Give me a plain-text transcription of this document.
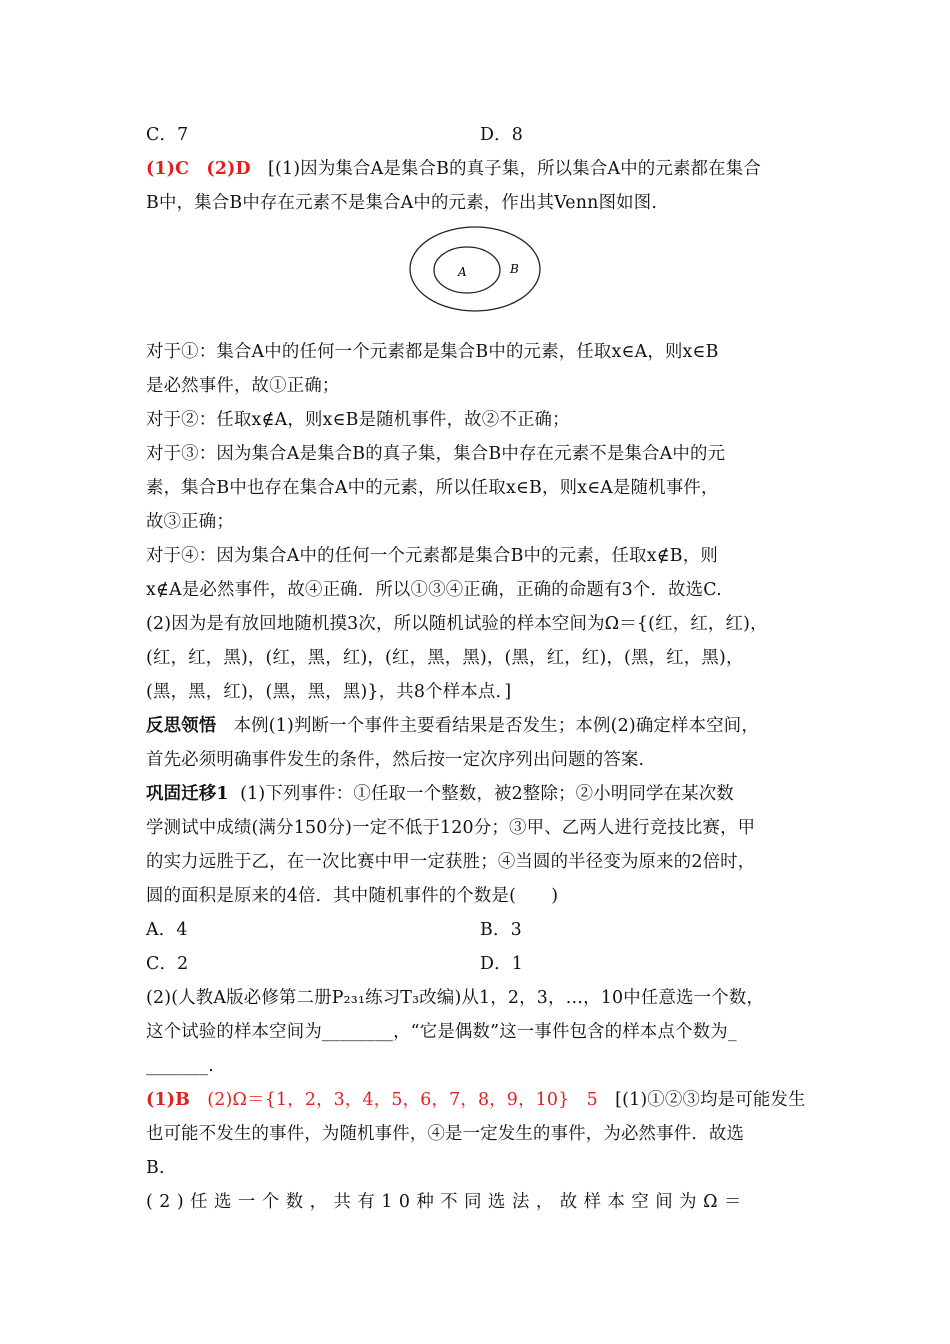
C．7	D．8
(1)C (2)D [(1)因为集合A是集合B的真子集，所以集合A中的元素都在集合
B中，集合B中存在元素不是集合A中的元素，作出其Venn图如图.
A	B
对于①：集合A中的任何一个元素都是集合B中的元素，任取x∈A，则x∈B
是必然事件，故①正确；
对于②：任取x∉A，则x∈B是随机事件，故②不正确；
对于③：因为集合A是集合B的真子集，集合B中存在元素不是集合A中的元
素，集合B中也存在集合A中的元素，所以任取x∈B，则x∈A是随机事件，
故③正确；
对于④：因为集合A中的任何一个元素都是集合B中的元素，任取x∉B，则
x∉A是必然事件，故④正确．所以①③④正确，正确的命题有3个．故选C.
(2)因为是有放回地随机摸3次，所以随机试验的样本空间为Ω＝{(红，红，红)，
(红，红，黑)，(红，黑，红)，(红，黑，黑)，(黑，红，红)，(黑，红，黑)，
(黑，黑，红)，(黑，黑，黑)}，共8个样本点．]
反思领悟 本例(1)判断一个事件主要看结果是否发生；本例(2)确定样本空间，
首先必须明确事件发生的条件，然后按一定次序列出问题的答案.
巩固迁移1 (1)下列事件：①任取一个整数，被2整除；②小明同学在某次数
学测试中成绩(满分150分)一定不低于120分；③甲、乙两人进行竞技比赛，甲
的实力远胜于乙，在一次比赛中甲一定获胜；④当圆的半径变为原来的2倍时，
圆的面积是原来的4倍．其中随机事件的个数是(　　)
A．4	B．3
C．2	D．1
(2)(人教A版必修第二册P₂₃₁练习T₃改编)从1，2，3，…，10中任意选一个数，
这个试验的样本空间为________，“它是偶数”这一事件包含的样本点个数为_
_______.
(1)B (2)Ω＝{1，2，3，4，5，6，7，8，9，10} 5 [(1)①②③均是可能发生
也可能不发生的事件，为随机事件，④是一定发生的事件，为必然事件．故选
B.
(2)任选一个数，共有10种不同选法，故样本空间为Ω＝
